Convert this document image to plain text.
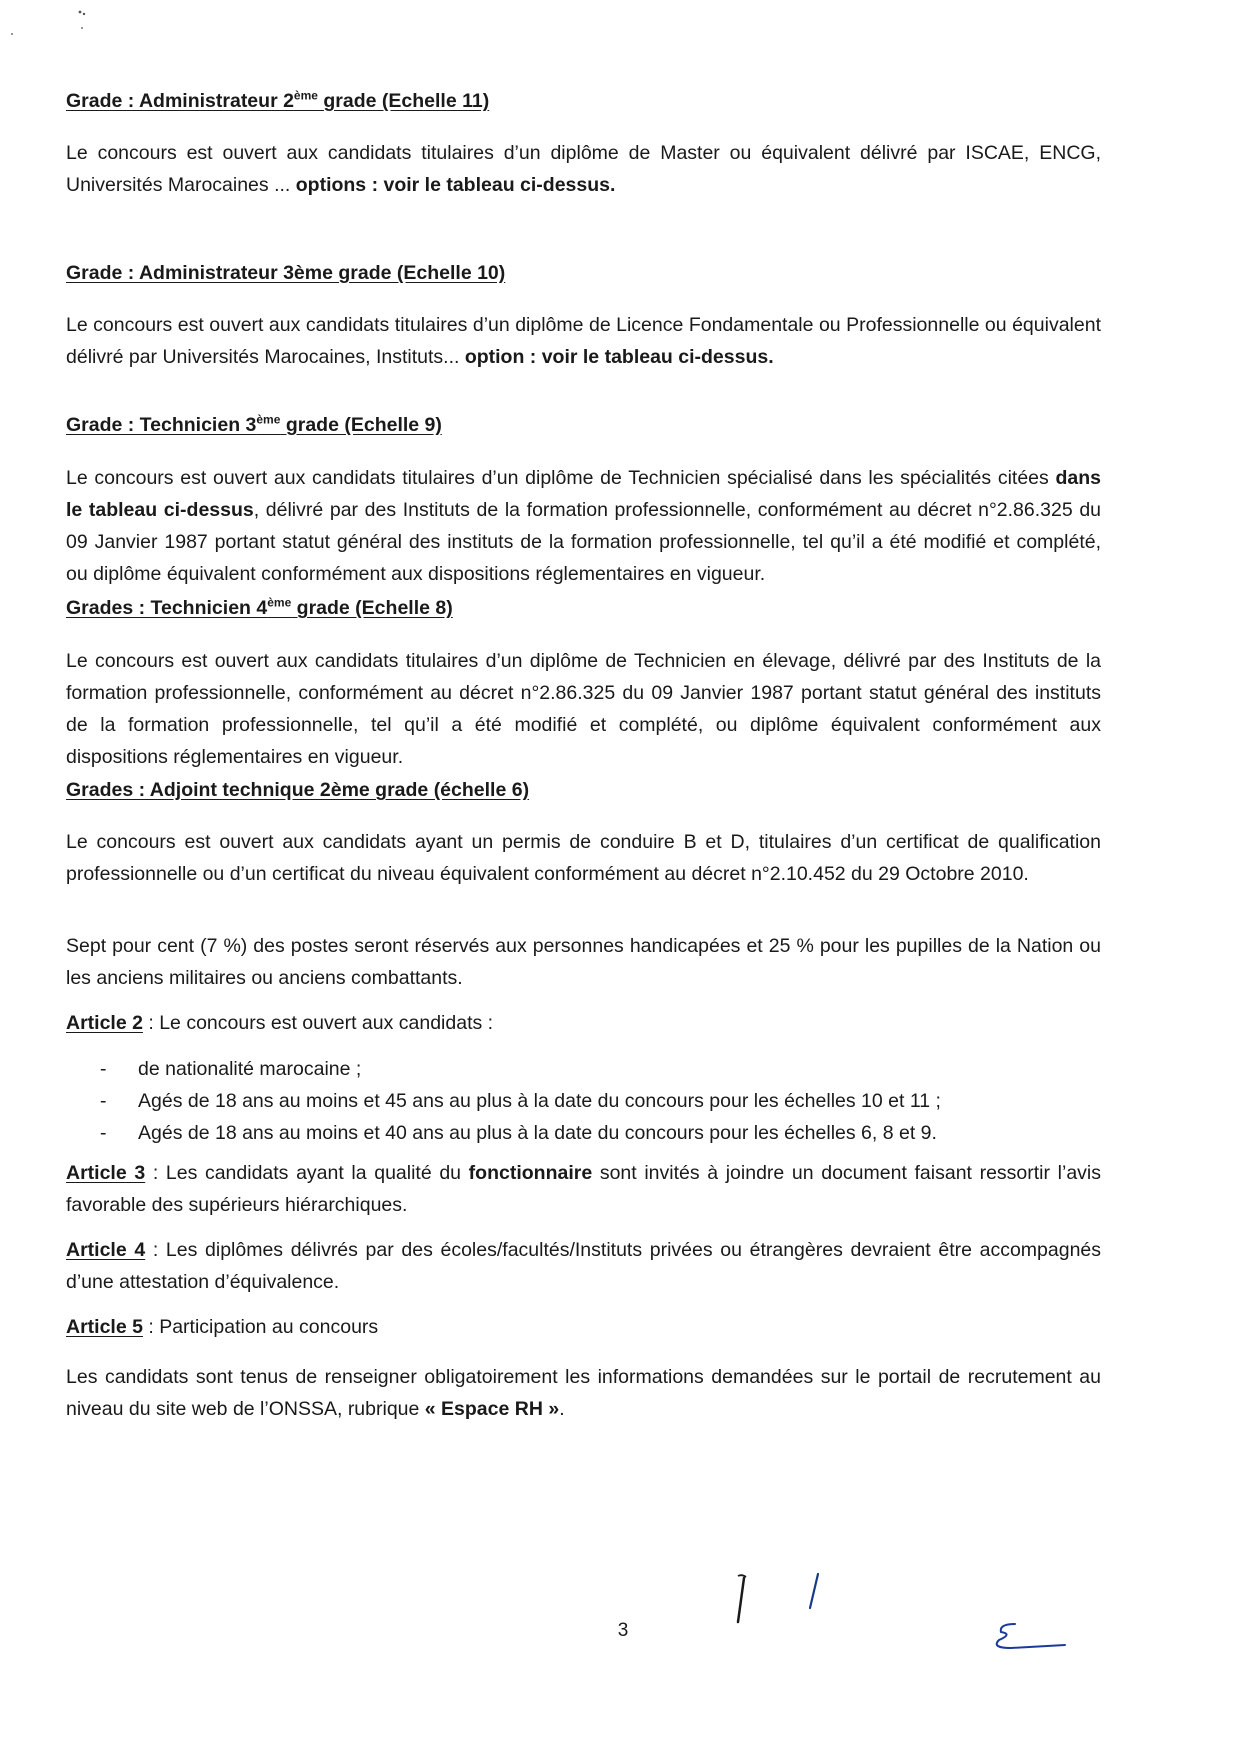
Grade : Administrateur 2ème grade (Echelle 11)
Le concours est ouvert aux candidats titulaires d’un diplôme de Master ou équivalent délivré par ISCAE, ENCG, Universités Marocaines ... options : voir le tableau ci-dessus.
Grade : Administrateur 3ème grade (Echelle 10)
Le concours est ouvert aux candidats titulaires d’un diplôme de Licence Fondamentale ou Professionnelle ou équivalent délivré par Universités Marocaines, Instituts... option : voir le tableau ci-dessus.
Grade : Technicien 3ème grade (Echelle 9)
Le concours est ouvert aux candidats titulaires d’un diplôme de Technicien spécialisé dans les spécialités citées dans le tableau ci-dessus, délivré par des Instituts de la formation professionnelle, conformément au décret n°2.86.325 du 09 Janvier 1987 portant statut général des instituts de la formation professionnelle, tel qu’il a été modifié et complété, ou diplôme équivalent conformément aux dispositions réglementaires en vigueur.
Grades : Technicien 4ème grade (Echelle 8)
Le concours est ouvert aux candidats titulaires d’un diplôme de Technicien en élevage, délivré par des Instituts de la formation professionnelle, conformément au décret n°2.86.325 du 09 Janvier 1987 portant statut général des instituts de la formation professionnelle, tel qu’il a été modifié et complété, ou diplôme équivalent conformément aux dispositions réglementaires en vigueur.
Grades : Adjoint technique 2ème grade (échelle 6)
Le concours est ouvert aux candidats ayant un permis de conduire B et D, titulaires d’un certificat de qualification professionnelle ou d’un certificat du niveau équivalent conformément au décret n°2.10.452 du 29 Octobre 2010.
Sept pour cent (7 %) des postes seront réservés aux personnes handicapées et 25 % pour les pupilles de la Nation ou les anciens militaires ou anciens combattants.
Article 2 : Le concours est ouvert aux candidats :
- de nationalité marocaine ;
- Agés de 18 ans au moins et 45 ans au plus à la date du concours pour les échelles 10 et 11 ;
- Agés de 18 ans au moins et 40 ans au plus à la date du concours pour les échelles 6, 8 et 9.
Article 3 : Les candidats ayant la qualité du fonctionnaire sont invités à joindre un document faisant ressortir l’avis favorable des supérieurs hiérarchiques.
Article 4 : Les diplômes délivrés par des écoles/facultés/Instituts privées ou étrangères devraient être accompagnés d’une attestation d’équivalence.
Article 5 : Participation au concours
Les candidats sont tenus de renseigner obligatoirement les informations demandées sur le portail de recrutement au niveau du site web de l’ONSSA, rubrique « Espace RH ».
3
